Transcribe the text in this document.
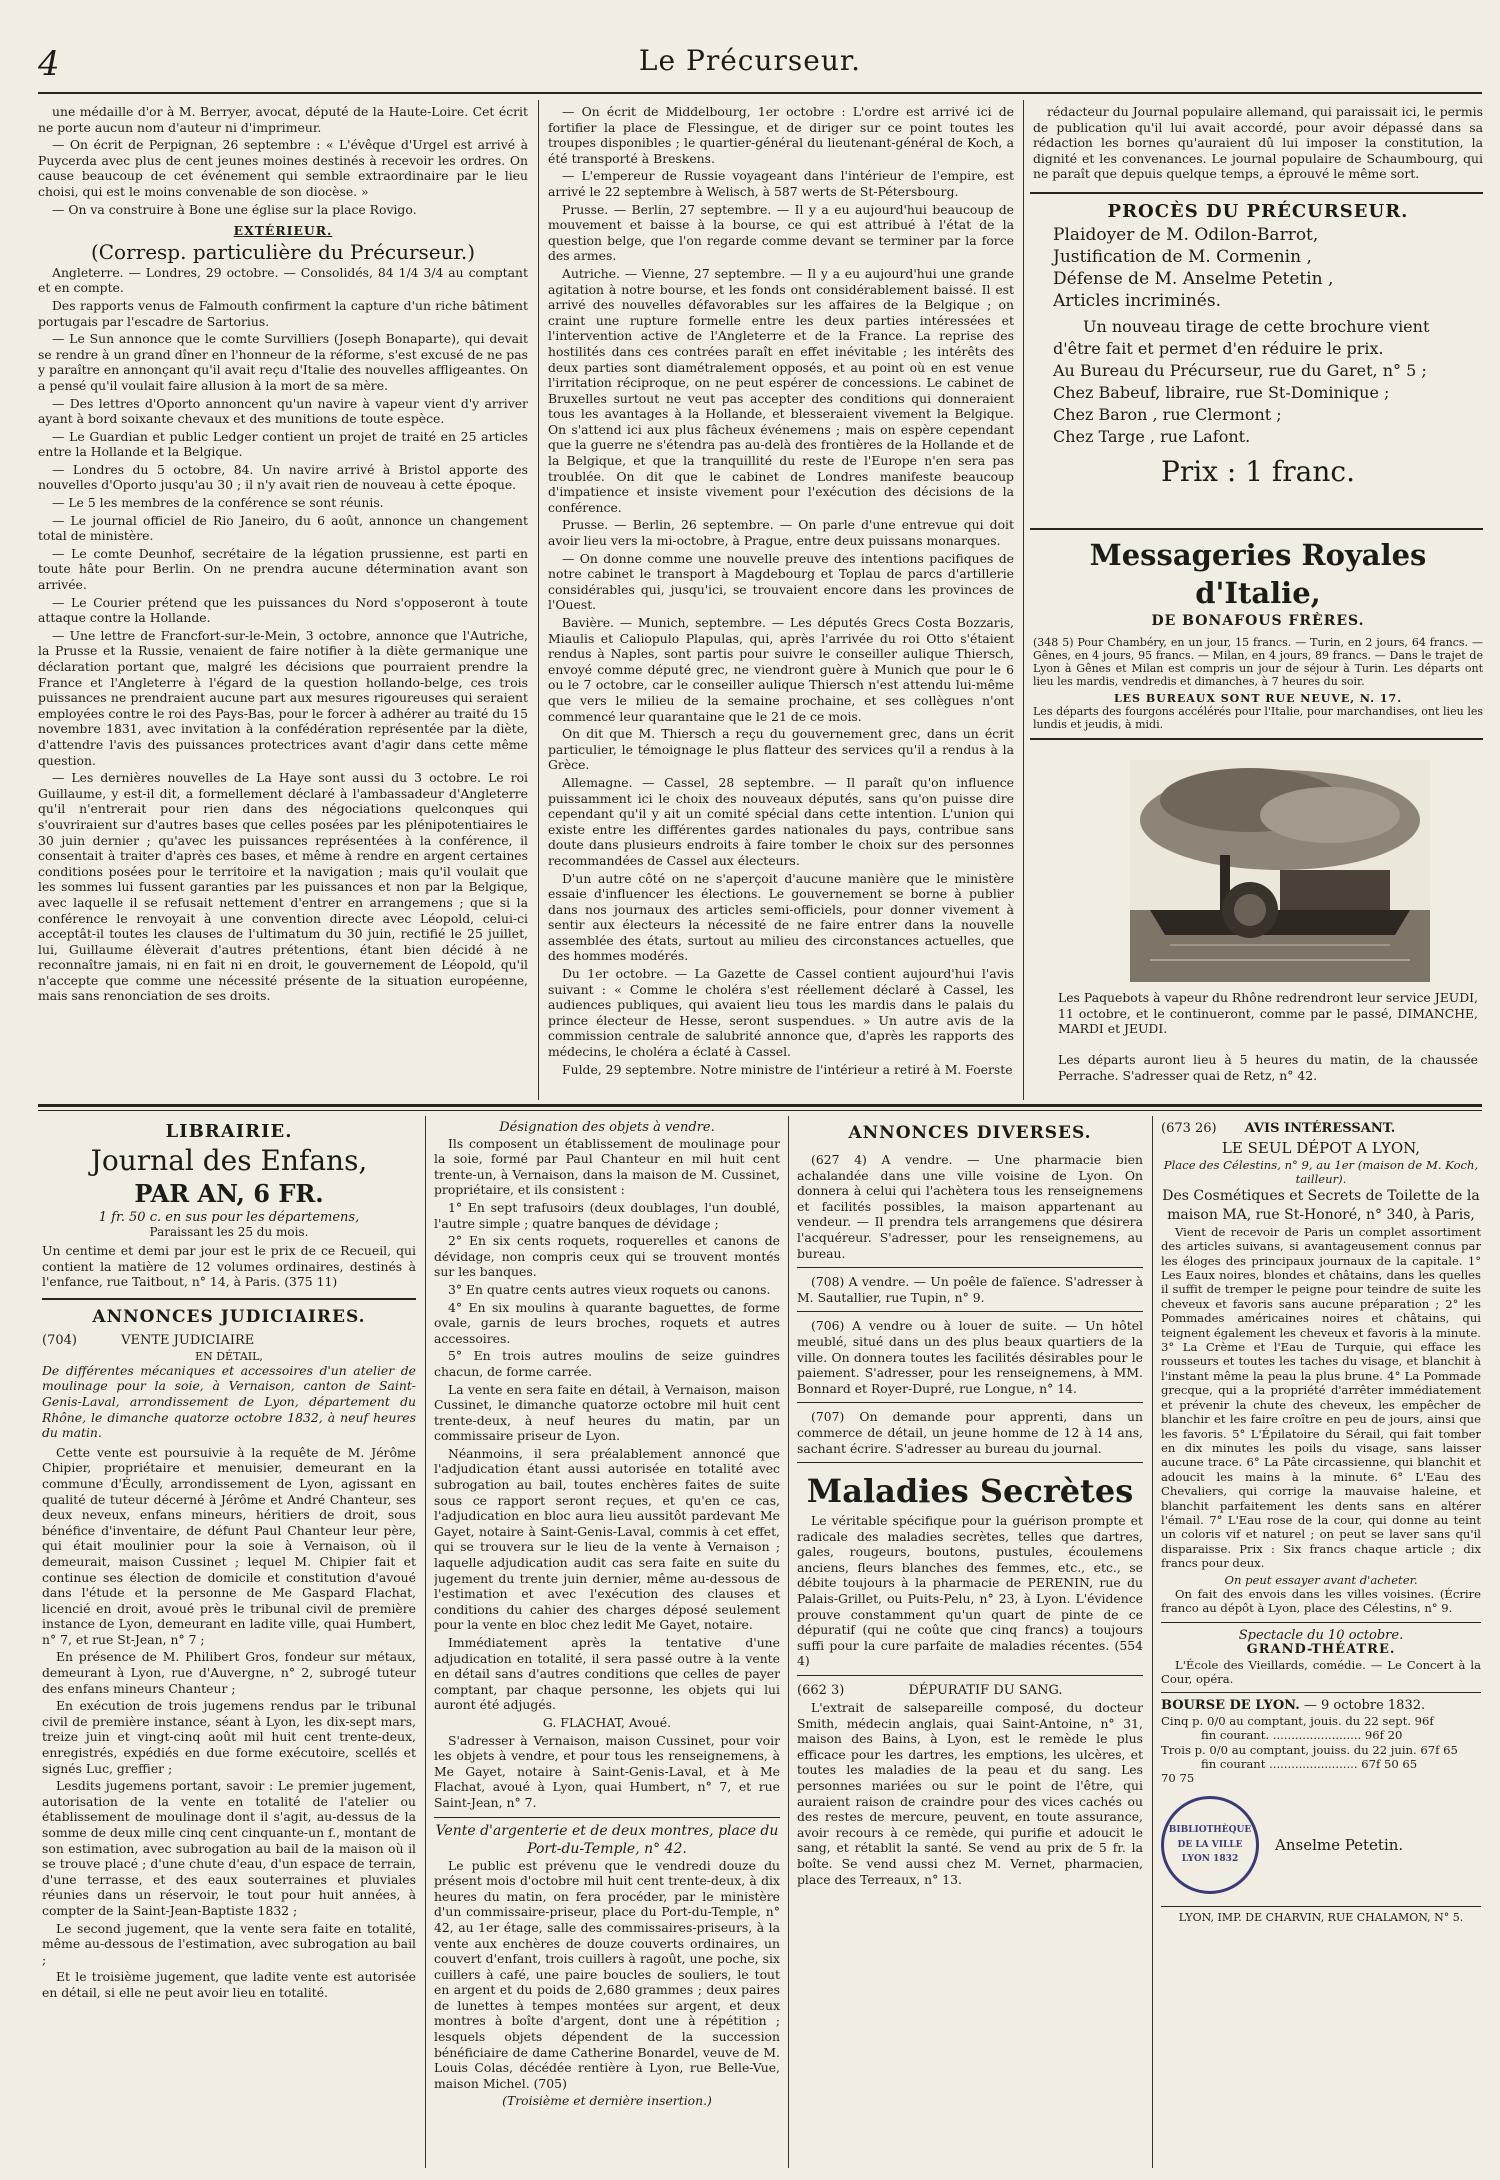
4	Le Précurseur.

une médaille d'or à M. Berryer, avocat, député de la Haute-Loire. Cet écrit ne porte aucun nom d'auteur ni d'imprimeur.

— On écrit de Perpignan, 26 septembre : « L'évêque d'Urgel est arrivé à Puycerda avec plus de cent jeunes moines destinés à recevoir les ordres. On cause beaucoup de cet événement qui semble extraordinaire par le lieu choisi, qui est le moins convenable de son diocèse. »

— On va construire à Bone une église sur la place Rovigo.

EXTÉRIEUR.
(Corresp. particulière du Précurseur.)

Angleterre. — Londres, 29 octobre. — Consolidés, 84 1/4 3/4 au comptant et en compte.

Des rapports venus de Falmouth confirment la capture d'un riche bâtiment portugais par l'escadre de Sartorius.

— Le Sun annonce que le comte Survilliers (Joseph Bonaparte), qui devait se rendre à un grand dîner en l'honneur de la réforme, s'est excusé de ne pas y paraître en annonçant qu'il avait reçu d'Italie des nouvelles affligeantes. On a pensé qu'il voulait faire allusion à la mort de sa mère.

— Des lettres d'Oporto annoncent qu'un navire à vapeur vient d'y arriver ayant à bord soixante chevaux et des munitions de toute espèce.

— Le Guardian et public Ledger contient un projet de traité en 25 articles entre la Hollande et la Belgique.

— Londres du 5 octobre, 84. Un navire arrivé à Bristol apporte des nouvelles d'Oporto jusqu'au 30 ; il n'y avait rien de nouveau à cette époque.

— Le 5 les membres de la conférence se sont réunis.

— Le journal officiel de Rio Janeiro, du 6 août, annonce un changement total de ministère.

— Le comte Deunhof, secrétaire de la légation prussienne, est parti en toute hâte pour Berlin. On ne prendra aucune détermination avant son arrivée.

— Le Courier prétend que les puissances du Nord s'opposeront à toute attaque contre la Hollande.

— Une lettre de Francfort-sur-le-Mein, 3 octobre, annonce que l'Autriche, la Prusse et la Russie, venaient de faire notifier à la diète germanique une déclaration portant que, malgré les décisions que pourraient prendre la France et l'Angleterre à l'égard de la question hollando-belge, ces trois puissances ne prendraient aucune part aux mesures rigoureuses qui seraient employées contre le roi des Pays-Bas, pour le forcer à adhérer au traité du 15 novembre 1831, avec invitation à la confédération représentée par la diète, d'attendre l'avis des puissances protectrices avant d'agir dans cette même question.

— Les dernières nouvelles de La Haye sont aussi du 3 octobre. Le roi Guillaume, y est-il dit, a formellement déclaré à l'ambassadeur d'Angleterre qu'il n'entrerait pour rien dans des négociations quelconques qui s'ouvriraient sur d'autres bases que celles posées par les plénipotentiaires le 30 juin dernier ; qu'avec les puissances représentées à la conférence, il consentait à traiter d'après ces bases, et même à rendre en argent certaines conditions posées pour le territoire et la navigation ; mais qu'il voulait que les sommes lui fussent garanties par les puissances et non par la Belgique, avec laquelle il se refusait nettement d'entrer en arrangemens ; que si la conférence le renvoyait à une convention directe avec Léopold, celui-ci acceptât-il toutes les clauses de l'ultimatum du 30 juin, rectifié le 25 juillet, lui, Guillaume élèverait d'autres prétentions, étant bien décidé à ne reconnaître jamais, ni en fait ni en droit, le gouvernement de Léopold, qu'il n'accepte que comme une nécessité présente de la situation européenne, mais sans renonciation de ses droits.

— On écrit de Middelbourg, 1er octobre : L'ordre est arrivé ici de fortifier la place de Flessingue, et de diriger sur ce point toutes les troupes disponibles ; le quartier-général du lieutenant-général de Koch, a été transporté à Breskens.

— L'empereur de Russie voyageant dans l'intérieur de l'empire, est arrivé le 22 septembre à Welisch, à 587 werts de St-Pétersbourg.

Prusse. — Berlin, 27 septembre. — Il y a eu aujourd'hui beaucoup de mouvement et baisse à la bourse, ce qui est attribué à l'état de la question belge, que l'on regarde comme devant se terminer par la force des armes.

Autriche. — Vienne, 27 septembre. — Il y a eu aujourd'hui une grande agitation à notre bourse, et les fonds ont considérablement baissé. Il est arrivé des nouvelles défavorables sur les affaires de la Belgique ; on craint une rupture formelle entre les deux parties intéressées et l'intervention active de l'Angleterre et de la France. La reprise des hostilités dans ces contrées paraît en effet inévitable ; les intérêts des deux parties sont diamétralement opposés, et au point où en est venue l'irritation réciproque, on ne peut espérer de concessions. Le cabinet de Bruxelles surtout ne veut pas accepter des conditions qui donneraient tous les avantages à la Hollande, et blesseraient vivement la Belgique. On s'attend ici aux plus fâcheux événemens ; mais on espère cependant que la guerre ne s'étendra pas au-delà des frontières de la Hollande et de la Belgique, et que la tranquillité du reste de l'Europe n'en sera pas troublée. On dit que le cabinet de Londres manifeste beaucoup d'impatience et insiste vivement pour l'exécution des décisions de la conférence.

Prusse. — Berlin, 26 septembre. — On parle d'une entrevue qui doit avoir lieu vers la mi-octobre, à Prague, entre deux puissans monarques.

— On donne comme une nouvelle preuve des intentions pacifiques de notre cabinet le transport à Magdebourg et Toplau de parcs d'artillerie considérables qui, jusqu'ici, se trouvaient encore dans les provinces de l'Ouest.

Bavière. — Munich, septembre. — Les députés Grecs Costa Bozzaris, Miaulis et Caliopulo Plapulas, qui, après l'arrivée du roi Otto s'étaient rendus à Naples, sont partis pour suivre le conseiller aulique Thiersch, envoyé comme député grec, ne viendront guère à Munich que pour le 6 ou le 7 octobre, car le conseiller aulique Thiersch n'est attendu lui-même que vers le milieu de la semaine prochaine, et ses collègues n'ont commencé leur quarantaine que le 21 de ce mois.

On dit que M. Thiersch a reçu du gouvernement grec, dans un écrit particulier, le témoignage le plus flatteur des services qu'il a rendus à la Grèce.

Allemagne. — Cassel, 28 septembre. — Il paraît qu'on influence puissamment ici le choix des nouveaux députés, sans qu'on puisse dire cependant qu'il y ait un comité spécial dans cette intention. L'union qui existe entre les différentes gardes nationales du pays, contribue sans doute dans plusieurs endroits à faire tomber le choix sur des personnes recommandées de Cassel aux électeurs.

D'un autre côté on ne s'aperçoit d'aucune manière que le ministère essaie d'influencer les élections. Le gouvernement se borne à publier dans nos journaux des articles semi-officiels, pour donner vivement à sentir aux électeurs la nécessité de ne faire entrer dans la nouvelle assemblée des états, surtout au milieu des circonstances actuelles, que des hommes modérés.

Du 1er octobre. — La Gazette de Cassel contient aujourd'hui l'avis suivant : « Comme le choléra s'est réellement déclaré à Cassel, les audiences publiques, qui avaient lieu tous les mardis dans le palais du prince électeur de Hesse, seront suspendues. » Un autre avis de la commission centrale de salubrité annonce que, d'après les rapports des médecins, le choléra a éclaté à Cassel.

Fulde, 29 septembre. Notre ministre de l'intérieur a retiré à M. Foerste

rédacteur du Journal populaire allemand, qui paraissait ici, le permis de publication qu'il lui avait accordé, pour avoir dépassé dans sa rédaction les bornes qu'auraient dû lui imposer la constitution, la dignité et les convenances. Le journal populaire de Schaumbourg, qui ne paraît que depuis quelque temps, a éprouvé le même sort.

PROCÈS DU PRÉCURSEUR.
Plaidoyer de M. Odilon-Barrot,
Justification de M. Cormenin ,
Défense de M. Anselme Petetin ,
Articles incriminés.
Un nouveau tirage de cette brochure vient d'être fait et permet d'en réduire le prix.
Au Bureau du Précurseur, rue du Garet, n° 5 ;
Chez Babeuf, libraire, rue St-Dominique ;
Chez Baron , rue Clermont ;
Chez Targe , rue Lafont.
Prix : 1 franc.
Messageries Royales d'Italie,
DE BONAFOUS FRÈRES.
(348 5) Pour Chambéry, en un jour, 15 francs. — Turin, en 2 jours, 64 francs. — Gênes, en 4 jours, 95 francs. — Milan, en 4 jours, 89 francs. — Dans le trajet de Lyon à Gênes et Milan est compris un jour de séjour à Turin. Les départs ont lieu les mardis, vendredis et dimanches, à 7 heures du soir.
LES BUREAUX SONT RUE NEUVE, N. 17.
Les départs des fourgons accélérés pour l'Italie, pour marchandises, ont lieu les lundis et jeudis, à midi.
Les Paquebots à vapeur du Rhône redrendront leur service JEUDI, 11 octobre, et le continueront, comme par le passé, DIMANCHE, MARDI et JEUDI.
Les départs auront lieu à 5 heures du matin, de la chaussée Perrache. S'adresser quai de Retz, n° 42.
LIBRAIRIE.
Journal des Enfans,
PAR AN, 6 FR.
1 fr. 50 c. en sus pour les départemens,
Paraissant les 25 du mois.
Un centime et demi par jour est le prix de ce Recueil, qui contient la matière de 12 volumes ordinaires, destinés à l'enfance, rue Taitbout, n° 14, à Paris. (375 11)
ANNONCES JUDICIAIRES.
(704)	VENTE JUDICIAIRE
EN DÉTAIL,
De différentes mécaniques et accessoires d'un atelier de moulinage pour la soie, à Vernaison, canton de Saint-Genis-Laval, arrondissement de Lyon, département du Rhône, le dimanche quatorze octobre 1832, à neuf heures du matin.

Cette vente est poursuivie à la requête de M. Jérôme Chipier, propriétaire et menuisier, demeurant en la commune d'Écully, arrondissement de Lyon, agissant en qualité de tuteur décerné à Jérôme et André Chanteur, ses deux neveux, enfans mineurs, héritiers de droit, sous bénéfice d'inventaire, de défunt Paul Chanteur leur père, qui était moulinier pour la soie à Vernaison, où il demeurait, maison Cussinet ; lequel M. Chipier fait et continue ses élection de domicile et constitution d'avoué dans l'étude et la personne de Me Gaspard Flachat, licencié en droit, avoué près le tribunal civil de première instance de Lyon, demeurant en ladite ville, quai Humbert, n° 7, et rue St-Jean, n° 7 ;

En présence de M. Philibert Gros, fondeur sur métaux, demeurant à Lyon, rue d'Auvergne, n° 2, subrogé tuteur des enfans mineurs Chanteur ;

En exécution de trois jugemens rendus par le tribunal civil de première instance, séant à Lyon, les dix-sept mars, treize juin et vingt-cinq août mil huit cent trente-deux, enregistrés, expédiés en due forme exécutoire, scellés et signés Luc, greffier ;

Lesdits jugemens portant, savoir : Le premier jugement, autorisation de la vente en totalité de l'atelier ou établissement de moulinage dont il s'agit, au-dessus de la somme de deux mille cinq cent cinquante-un f., montant de son estimation, avec subrogation au bail de la maison où il se trouve placé ; d'une chute d'eau, d'un espace de terrain, d'une terrasse, et des eaux souterraines et pluviales réunies dans un réservoir, le tout pour huit années, à compter de la Saint-Jean-Baptiste 1832 ;

Le second jugement, que la vente sera faite en totalité, même au-dessous de l'estimation, avec subrogation au bail ;

Et le troisième jugement, que ladite vente est autorisée en détail, si elle ne peut avoir lieu en totalité.

Désignation des objets à vendre.

Ils composent un établissement de moulinage pour la soie, formé par Paul Chanteur en mil huit cent trente-un, à Vernaison, dans la maison de M. Cussinet, propriétaire, et ils consistent :

1° En sept trafusoirs (deux doublages, l'un doublé, l'autre simple ; quatre banques de dévidage ;

2° En six cents roquets, roquerelles et canons de dévidage, non compris ceux qui se trouvent montés sur les banques.

3° En quatre cents autres vieux roquets ou canons.

4° En six moulins à quarante baguettes, de forme ovale, garnis de leurs broches, roquets et autres accessoires.

5° En trois autres moulins de seize guindres chacun, de forme carrée.

La vente en sera faite en détail, à Vernaison, maison Cussinet, le dimanche quatorze octobre mil huit cent trente-deux, à neuf heures du matin, par un commissaire priseur de Lyon.

Néanmoins, il sera préalablement annoncé que l'adjudication étant aussi autorisée en totalité avec subrogation au bail, toutes enchères faites de suite sous ce rapport seront reçues, et qu'en ce cas, l'adjudication en bloc aura lieu aussitôt pardevant Me Gayet, notaire à Saint-Genis-Laval, commis à cet effet, qui se trouvera sur le lieu de la vente à Vernaison ; laquelle adjudication audit cas sera faite en suite du jugement du trente juin dernier, même au-dessous de l'estimation et avec l'exécution des clauses et conditions du cahier des charges déposé seulement pour la vente en bloc chez ledit Me Gayet, notaire.

Immédiatement après la tentative d'une adjudication en totalité, il sera passé outre à la vente en détail sans d'autres conditions que celles de payer comptant, par chaque personne, les objets qui lui auront été adjugés.

G. FLACHAT, Avoué.

S'adresser à Vernaison, maison Cussinet, pour voir les objets à vendre, et pour tous les renseignemens, à Me Gayet, notaire à Saint-Genis-Laval, et à Me Flachat, avoué à Lyon, quai Humbert, n° 7, et rue Saint-Jean, n° 7.

Vente d'argenterie et de deux montres, place du Port-du-Temple, n° 42.

Le public est prévenu que le vendredi douze du présent mois d'octobre mil huit cent trente-deux, à dix heures du matin, on fera procéder, par le ministère d'un commissaire-priseur, place du Port-du-Temple, n° 42, au 1er étage, salle des commissaires-priseurs, à la vente aux enchères de douze couverts ordinaires, un couvert d'enfant, trois cuillers à ragoût, une poche, six cuillers à café, une paire boucles de souliers, le tout en argent et du poids de 2,680 grammes ; deux paires de lunettes à tempes montées sur argent, et deux montres à boîte d'argent, dont une à répétition ; lesquels objets dépendent de la succession bénéficiaire de dame Catherine Bonardel, veuve de M. Louis Colas, décédée rentière à Lyon, rue Belle-Vue, maison Michel. (705)

(Troisième et dernière insertion.)
ANNONCES DIVERSES.

(627 4) A vendre. — Une pharmacie bien achalandée dans une ville voisine de Lyon. On donnera à celui qui l'achètera tous les renseignemens et facilités possibles, la maison appartenant au vendeur. — Il prendra tels arrangemens que désirera l'acquéreur. S'adresser, pour les renseignemens, au bureau.

(708) A vendre. — Un poêle de faïence. S'adresser à M. Sautallier, rue Tupin, n° 9.

(706) A vendre ou à louer de suite. — Un hôtel meublé, situé dans un des plus beaux quartiers de la ville. On donnera toutes les facilités désirables pour le paiement. S'adresser, pour les renseignemens, à MM. Bonnard et Royer-Dupré, rue Longue, n° 14.

(707) On demande pour apprenti, dans un commerce de détail, un jeune homme de 12 à 14 ans, sachant écrire. S'adresser au bureau du journal.

Maladies Secrètes

Le véritable spécifique pour la guérison prompte et radicale des maladies secrètes, telles que dartres, gales, rougeurs, boutons, pustules, écoulemens anciens, fleurs blanches des femmes, etc., etc., se débite toujours à la pharmacie de PERENIN, rue du Palais-Grillet, ou Puits-Pelu, n° 23, à Lyon. L'évidence prouve constamment qu'un quart de pinte de ce dépuratif (qui ne coûte que cinq francs) a toujours suffi pour la cure parfaite de maladies récentes. (554 4)

(662 3)	DÉPURATIF DU SANG.

L'extrait de salsepareille composé, du docteur Smith, médecin anglais, quai Saint-Antoine, n° 31, maison des Bains, à Lyon, est le remède le plus efficace pour les dartres, les emptions, les ulcères, et toutes les maladies de la peau et du sang. Les personnes mariées ou sur le point de l'être, qui auraient raison de craindre pour des vices cachés ou des restes de mercure, peuvent, en toute assurance, avoir recours à ce remède, qui purifie et adoucit le sang, et rétablit la santé. Se vend au prix de 5 fr. la boîte. Se vend aussi chez M. Vernet, pharmacien, place des Terreaux, n° 13.

(673 26) AVIS INTÉRESSANT.
LE SEUL DÉPOT A LYON,
Place des Célestins, n° 9, au 1er (maison de M. Koch, tailleur).
Des Cosmétiques et Secrets de Toilette de la maison MA, rue St-Honoré, n° 340, à Paris,

Vient de recevoir de Paris un complet assortiment des articles suivans, si avantageusement connus par les éloges des principaux journaux de la capitale. 1° Les Eaux noires, blondes et châtains, dans les quelles il suffit de tremper le peigne pour teindre de suite les cheveux et favoris sans aucune préparation ; 2° les Pommades américaines noires et châtains, qui teignent également les cheveux et favoris à la minute. 3° La Crème et l'Eau de Turquie, qui efface les rousseurs et toutes les taches du visage, et blanchit à l'instant même la peau la plus brune. 4° La Pommade grecque, qui a la propriété d'arrêter immédiatement et prévenir la chute des cheveux, les empêcher de blanchir et les faire croître en peu de jours, ainsi que les favoris. 5° L'Épilatoire du Sérail, qui fait tomber en dix minutes les poils du visage, sans laisser aucune trace. 6° La Pâte circassienne, qui blanchit et adoucit les mains à la minute. 6° L'Eau des Chevaliers, qui corrige la mauvaise haleine, et blanchit parfaitement les dents sans en altérer l'émail. 7° L'Eau rose de la cour, qui donne au teint un coloris vif et naturel ; on peut se laver sans qu'il disparaisse. Prix : Six francs chaque article ; dix francs pour deux.

On peut essayer avant d'acheter.

On fait des envois dans les villes voisines. (Écrire franco au dépôt à Lyon, place des Célestins, n° 9.

Spectacle du 10 octobre.
GRAND-THÉATRE.

L'École des Vieillards, comédie. — Le Concert à la Cour, opéra.

BOURSE DE LYON. — 9 octobre 1832.
Cinq p. 0/0 au comptant, jouis. du 22 sept. 96f
fin courant. ........................ 96f 20
Trois p. 0/0 au comptant, jouiss. du 22 juin. 67f 65
fin courant ........................ 67f 50 65
70 75
BIBLIOTHÈQUE DE LA VILLE LYON 1832
Anselme Petetin.
LYON, IMP. DE CHARVIN, RUE CHALAMON, N° 5.
